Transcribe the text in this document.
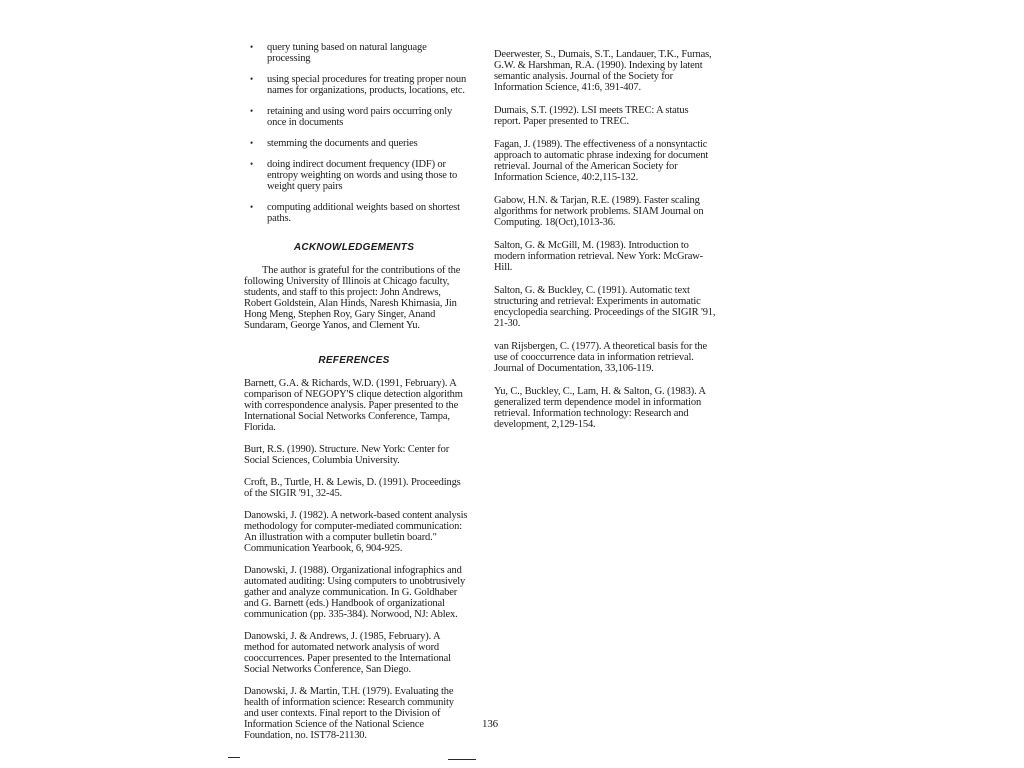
• query tuning based on natural language processing
• using special procedures for treating proper noun names for organizations, products, locations, etc.
• retaining and using word pairs occurring only once in documents
• stemming the documents and queries
• doing indirect document frequency (IDF) or entropy weighting on words and using those to weight query pairs
• computing additional weights based on shortest paths.
ACKNOWLEDGEMENTS

The author is grateful for the contributions of the following University of Illinois at Chicago faculty, students, and staff to this project: John Andrews, Robert Goldstein, Alan Hinds, Naresh Khimasia, Jin Hong Meng, Stephen Roy, Gary Singer, Anand Sundaram, George Yanos, and Clement Yu.

REFERENCES

Barnett, G.A. & Richards, W.D. (1991, February). A comparison of NEGOPY'S clique detection algorithm with correspondence analysis. Paper presented to the International Social Networks Conference, Tampa, Florida.

Burt, R.S. (1990). Structure. New York: Center for Social Sciences, Columbia University.

Croft, B., Turtle, H. & Lewis, D. (1991). Proceedings of the SIGIR '91, 32-45.

Danowski, J. (1982). A network-based content analysis methodology for computer-mediated communication: An illustration with a computer bulletin board." Communication Yearbook, 6, 904-925.

Danowski, J. (1988). Organizational infographics and automated auditing: Using computers to unobtrusively gather and analyze communication. In G. Goldhaber and G. Barnett (eds.) Handbook of organizational communication (pp. 335-384). Norwood, NJ: Ablex.

Danowski, J. & Andrews, J. (1985, February). A method for automated network analysis of word cooccurrences. Paper presented to the International Social Networks Conference, San Diego.

Danowski, J. & Martin, T.H. (1979). Evaluating the health of information science: Research community and user contexts. Final report to the Division of Information Science of the National Science Foundation, no. IST78-21130.

Deerwester, S., Dumais, S.T., Landauer, T.K., Furnas, G.W. & Harshman, R.A. (1990). Indexing by latent semantic analysis. Journal of the Society for Information Science, 41:6, 391-407.

Dumais, S.T. (1992). LSI meets TREC: A status report. Paper presented to TREC.

Fagan, J. (1989). The effectiveness of a nonsyntactic approach to automatic phrase indexing for document retrieval. Journal of the American Society for Information Science, 40:2,115-132.

Gabow, H.N. & Tarjan, R.E. (1989). Faster scaling algorithms for network problems. SIAM Journal on Computing. 18(Oct),1013-36.

Salton, G. & McGill, M. (1983). Introduction to modern information retrieval. New York: McGraw-Hill.

Salton, G. & Buckley, C. (1991). Automatic text structuring and retrieval: Experiments in automatic encyclopedia searching. Proceedings of the SIGIR '91, 21-30.

van Rijsbergen, C. (1977). A theoretical basis for the use of cooccurrence data in information retrieval. Journal of Documentation, 33,106-119.

Yu, C., Buckley, C., Lam, H. & Salton, G. (1983). A generalized term dependence model in information retrieval. Information technology: Research and development, 2,129-154.

136
